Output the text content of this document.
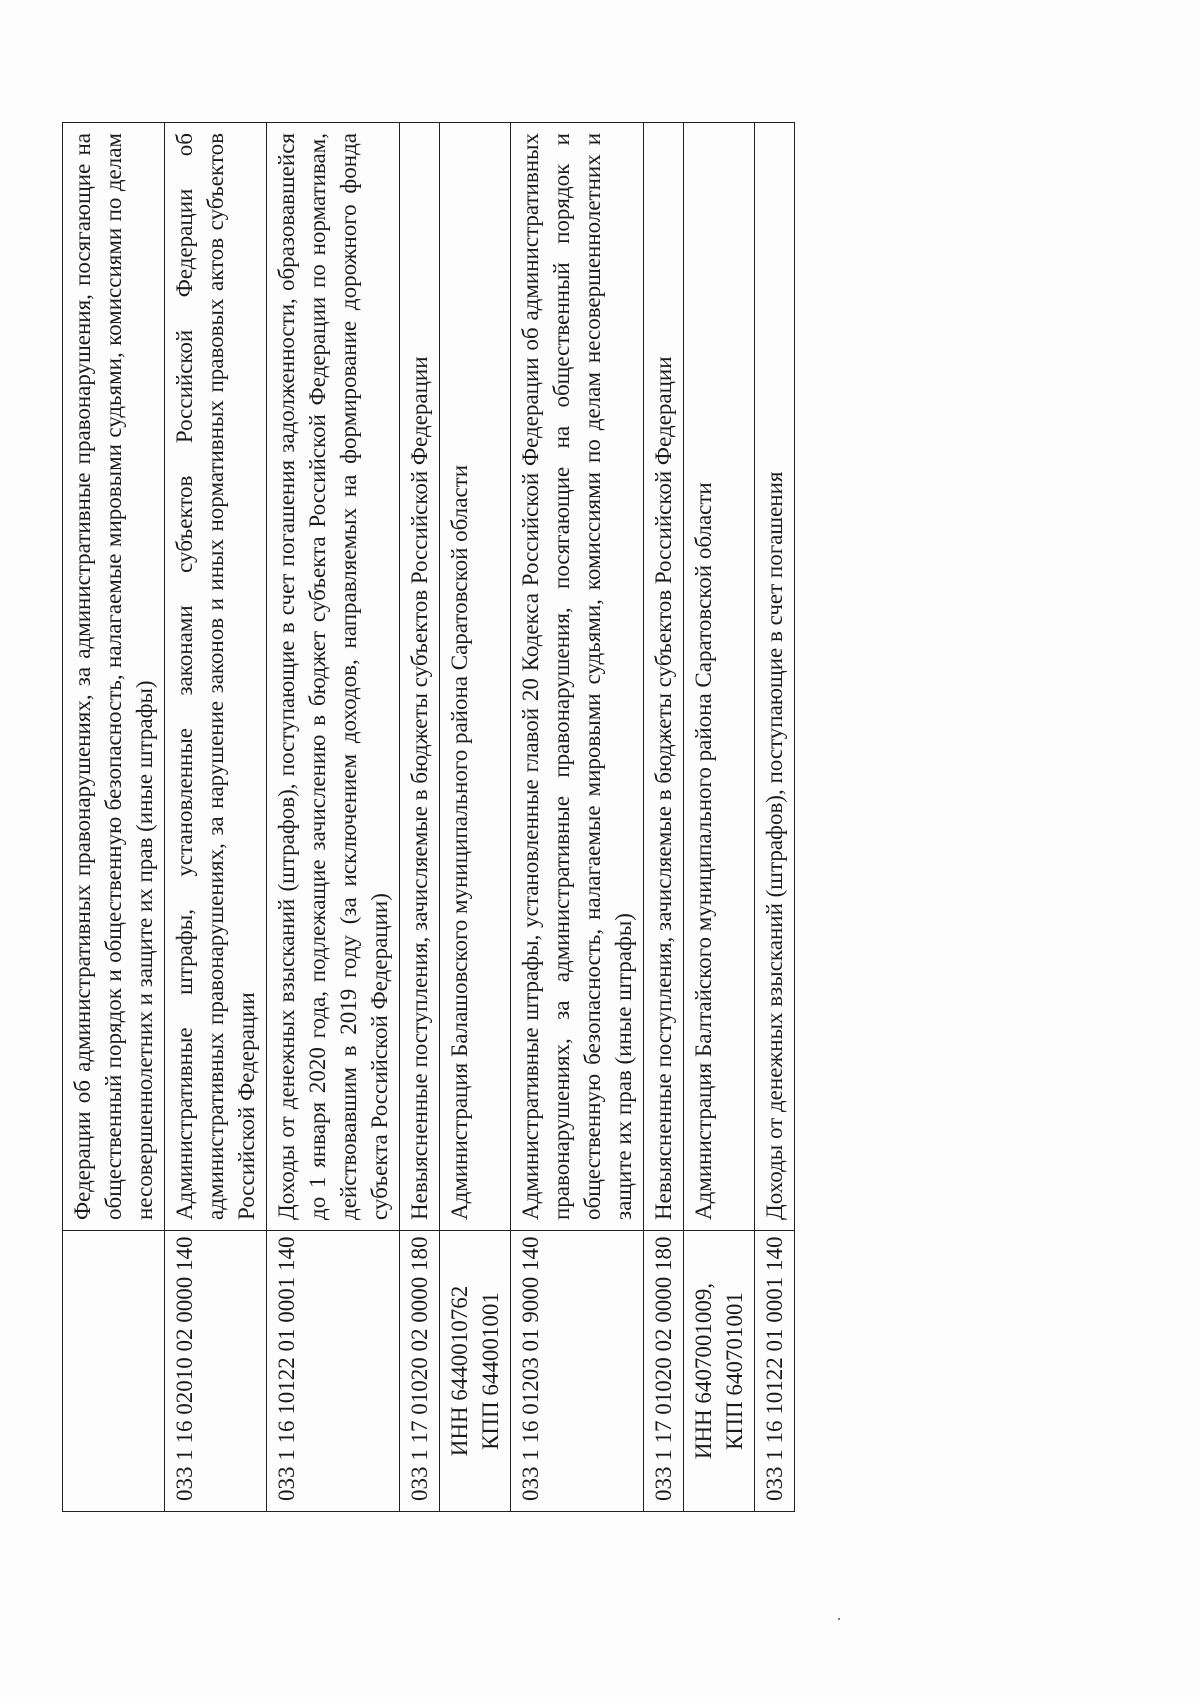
	Федерации об административных правонарушениях, за административные правонарушения, посягающие на общественный порядок и общественную безопасность, налагаемые мировыми судьями, комиссиями по делам несовершеннолетних и защите их прав (иные штрафы)
033 1 16 02010 02 0000 140	Административные штрафы, установленные законами субъектов Российской Федерации об административных правонарушениях, за нарушение законов и иных нормативных правовых актов субъектов Российской Федерации
033 1 16 10122 01 0001 140	Доходы от денежных взысканий (штрафов), поступающие в счет погашения задолженности, образовавшейся до 1 января 2020 года, подлежащие зачислению в бюджет субъекта Российской Федерации по нормативам, действовавшим в 2019 году (за исключением доходов, направляемых на формирование дорожного фонда субъекта Российской Федерации)
033 1 17 01020 02 0000 180	Невыясненные поступления, зачисляемые в бюджеты субъектов Российской Федерации

ИНН 6440010762 КПП 644001001	Администрация Балашовского муниципального района Саратовской области
033 1 16 01203 01 9000 140	Административные штрафы, установленные главой 20 Кодекса Российской Федерации об административных правонарушениях, за административные правонарушения, посягающие на общественный порядок и общественную безопасность, налагаемые мировыми судьями, комиссиями по делам несовершеннолетних и защите их прав (иные штрафы)
033 1 17 01020 02 0000 180	Невыясненные поступления, зачисляемые в бюджеты субъектов Российской Федерации

ИНН 6407001009, КПП 640701001	Администрация Балтайского муниципального района Саратовской области
033 1 16 10122 01 0001 140	Доходы от денежных взысканий (штрафов), поступающие в счет погашения
